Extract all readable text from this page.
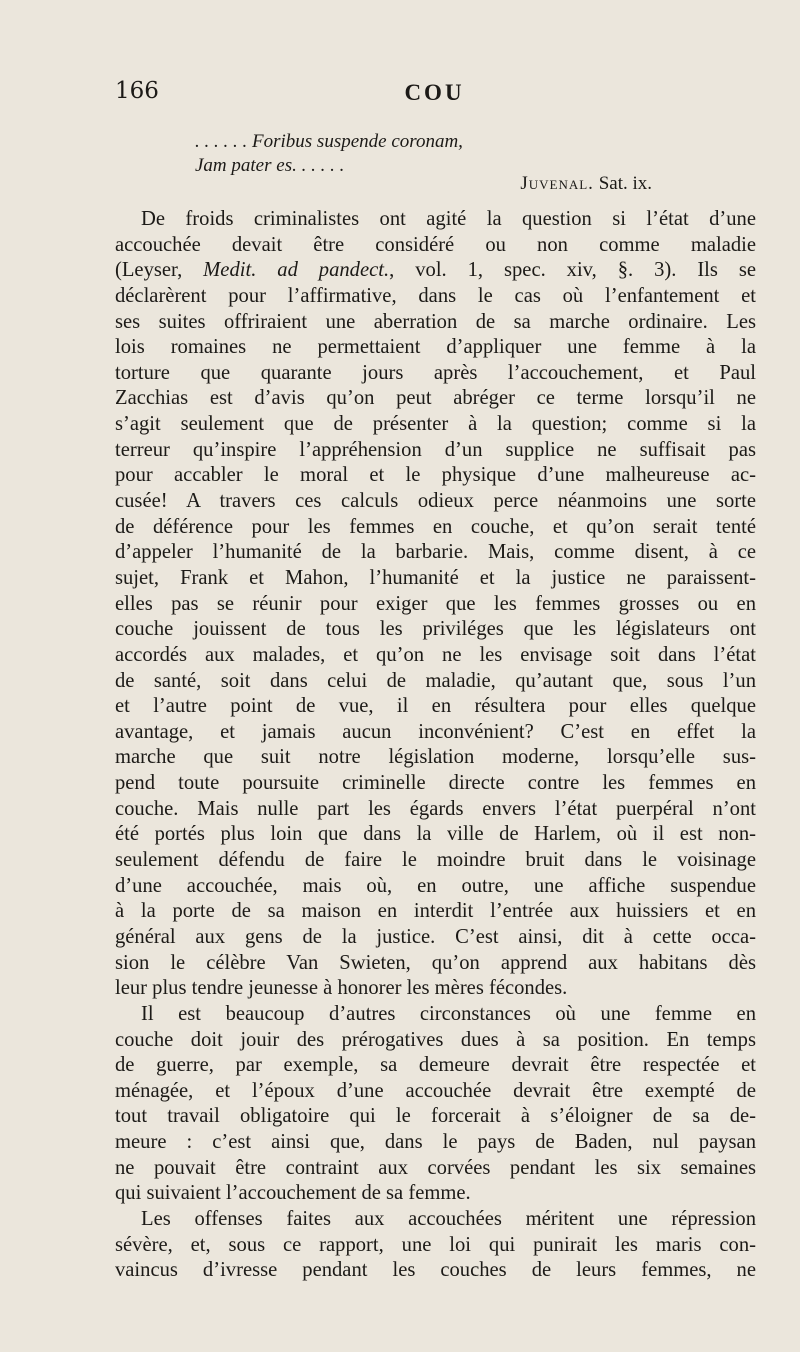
166	COU
. . . . . . Foribus suspende coronam,
Jam pater es. . . . . .
Juvenal. Sat. ix.
De froids criminalistes ont agité la question si l’état d’une
accouchée devait être considéré ou non comme maladie
(Leyser, Medit. ad pandect., vol. 1, spec. xiv, §. 3). Ils se
déclarèrent pour l’affirmative, dans le cas où l’enfantement et
ses suites offriraient une aberration de sa marche ordinaire. Les
lois romaines ne permettaient d’appliquer une femme à la
torture que quarante jours après l’accouchement, et Paul
Zacchias est d’avis qu’on peut abréger ce terme lorsqu’il ne
s’agit seulement que de présenter à la question; comme si la
terreur qu’inspire l’appréhension d’un supplice ne suffisait pas
pour accabler le moral et le physique d’une malheureuse ac-
cusée! A travers ces calculs odieux perce néanmoins une sorte
de déférence pour les femmes en couche, et qu’on serait tenté
d’appeler l’humanité de la barbarie. Mais, comme disent, à ce
sujet, Frank et Mahon, l’humanité et la justice ne paraissent-
elles pas se réunir pour exiger que les femmes grosses ou en
couche jouissent de tous les priviléges que les législateurs ont
accordés aux malades, et qu’on ne les envisage soit dans l’état
de santé, soit dans celui de maladie, qu’autant que, sous l’un
et l’autre point de vue, il en résultera pour elles quelque
avantage, et jamais aucun inconvénient? C’est en effet la
marche que suit notre législation moderne, lorsqu’elle sus-
pend toute poursuite criminelle directe contre les femmes en
couche. Mais nulle part les égards envers l’état puerpéral n’ont
été portés plus loin que dans la ville de Harlem, où il est non-
seulement défendu de faire le moindre bruit dans le voisinage
d’une accouchée, mais où, en outre, une affiche suspendue
à la porte de sa maison en interdit l’entrée aux huissiers et en
général aux gens de la justice. C’est ainsi, dit à cette occa-
sion le célèbre Van Swieten, qu’on apprend aux habitans dès
leur plus tendre jeunesse à honorer les mères fécondes.
Il est beaucoup d’autres circonstances où une femme en
couche doit jouir des prérogatives dues à sa position. En temps
de guerre, par exemple, sa demeure devrait être respectée et
ménagée, et l’époux d’une accouchée devrait être exempté de
tout travail obligatoire qui le forcerait à s’éloigner de sa de-
meure : c’est ainsi que, dans le pays de Baden, nul paysan
ne pouvait être contraint aux corvées pendant les six semaines
qui suivaient l’accouchement de sa femme.
Les offenses faites aux accouchées méritent une répression
sévère, et, sous ce rapport, une loi qui punirait les maris con-
vaincus d’ivresse pendant les couches de leurs femmes, ne
